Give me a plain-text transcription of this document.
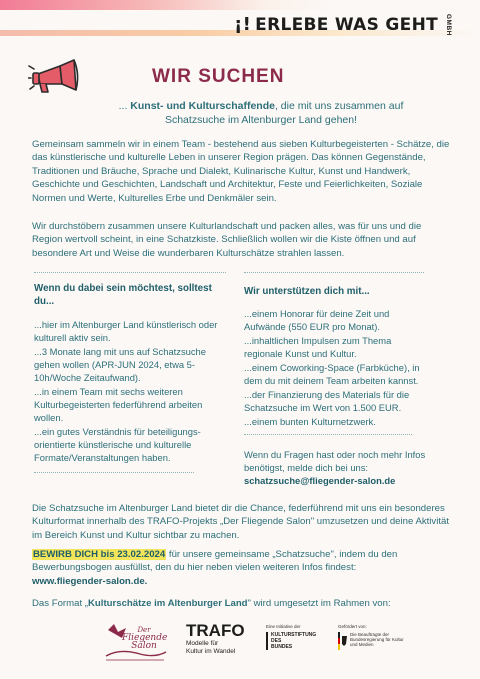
¡! ERLEBE WAS GEHT GMBH
WIR SUCHEN
... Kunst- und Kulturschaffende, die mit uns zusammen auf Schatzsuche im Altenburger Land gehen!
Gemeinsam sammeln wir in einem Team - bestehend aus sieben Kulturbegeisterten - Schätze, die das künstlerische und kulturelle Leben in unserer Region prägen. Das können Gegenstände, Traditionen und Bräuche, Sprache und Dialekt, Kulinarische Kultur, Kunst und Handwerk, Geschichte und Geschichten, Landschaft und Architektur, Feste und Feierlichkeiten, Soziale Normen und Werte, Kulturelles Erbe und Denkmäler sein.
Wir durchstöbern zusammen unsere Kulturlandschaft und packen alles, was für uns und die Region wertvoll scheint, in eine Schatzkiste. Schließlich wollen wir die Kiste öffnen und auf besondere Art und Weise die wunderbaren Kulturschätze strahlen lassen.
Wenn du dabei sein möchtest, solltest du...

...hier im Altenburger Land künstlerisch oder kulturell aktiv sein.

...3 Monate lang mit uns auf Schatzsuche gehen wollen (APR-JUN 2024, etwa 5-10h/Woche Zeitaufwand).

...in einem Team mit sechs weiteren Kulturbegeisterten federführend arbeiten wollen.

...ein gutes Verständnis für beteiligungs-orientierte künstlerische und kulturelle Formate/Veranstaltungen haben.

Wir unterstützen dich mit...

...einem Honorar für deine Zeit und Aufwände (550 EUR pro Monat).

...inhaltlichen Impulsen zum Thema regionale Kunst und Kultur.

...einem Coworking-Space (Farbküche), in dem du mit deinem Team arbeiten kannst.

...der Finanzierung des Materials für die Schatzsuche im Wert von 1.500 EUR.

...einem bunten Kulturnetzwerk.

Wenn du Fragen hast oder noch mehr Infos benötigst, melde dich bei uns:
schatzsuche@fliegender-salon.de
Die Schatzsuche im Altenburger Land bietet dir die Chance, federführend mit uns ein besonderes Kulturformat innerhalb des TRAFO-Projekts „Der Fliegende Salon" umzusetzen und deine Aktivität im Bereich Kunst und Kultur sichtbar zu machen.
BEWIRB DICH bis 23.02.2024 für unsere gemeinsame „Schatzsuche", indem du den Bewerbungsbogen ausfüllst, den du hier neben vielen weiteren Infos findest:
www.fliegender-salon.de.
Das Format „Kulturschätze im Altenburger Land" wird umgesetzt im Rahmen von:
Der
Fliegende
Salon
TRAFO
Modelle für
Kultur im Wandel
Eine Initiative der
KULTURSTIFTUNG
DES
BUNDES
Gefördert von:
Die Beauftragte der Bundesregierung für Kultur und Medien
